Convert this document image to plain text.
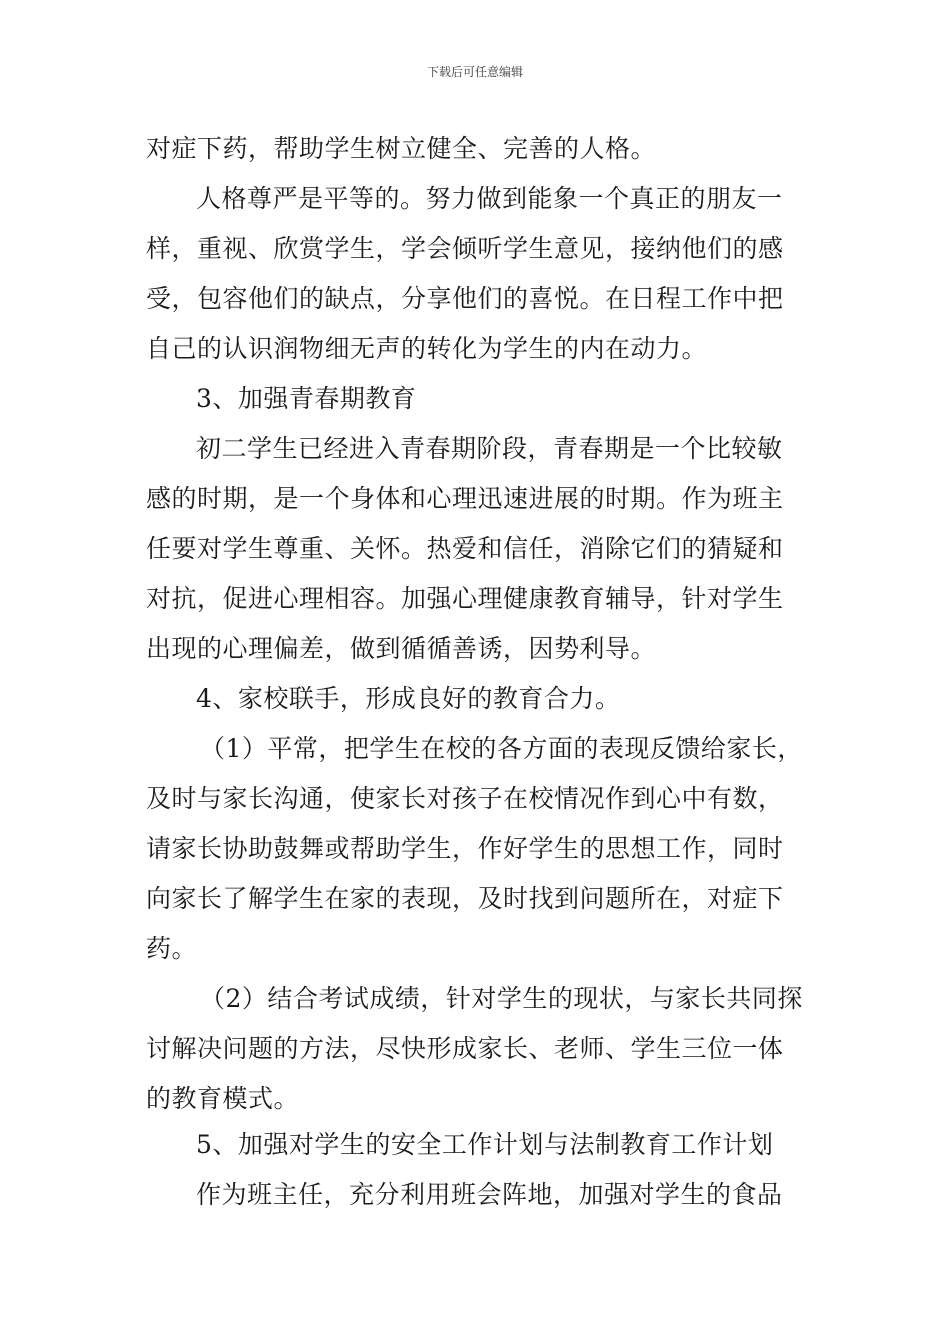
下载后可任意编辑
对症下药，帮助学生树立健全、完善的人格。
人格尊严是平等的。努力做到能象一个真正的朋友一
样，重视、欣赏学生，学会倾听学生意见，接纳他们的感
受，包容他们的缺点，分享他们的喜悦。在日程工作中把
自己的认识润物细无声的转化为学生的内在动力。
3、加强青春期教育
初二学生已经进入青春期阶段，青春期是一个比较敏
感的时期，是一个身体和心理迅速进展的时期。作为班主
任要对学生尊重、关怀。热爱和信任，消除它们的猜疑和
对抗，促进心理相容。加强心理健康教育辅导，针对学生
出现的心理偏差，做到循循善诱，因势利导。
4、家校联手，形成良好的教育合力。
（1）平常，把学生在校的各方面的表现反馈给家长，
及时与家长沟通，使家长对孩子在校情况作到心中有数，
请家长协助鼓舞或帮助学生，作好学生的思想工作，同时
向家长了解学生在家的表现，及时找到问题所在，对症下
药。
（2）结合考试成绩，针对学生的现状，与家长共同探
讨解决问题的方法，尽快形成家长、老师、学生三位一体
的教育模式。
5、加强对学生的安全工作计划与法制教育工作计划
作为班主任，充分利用班会阵地，加强对学生的食品
